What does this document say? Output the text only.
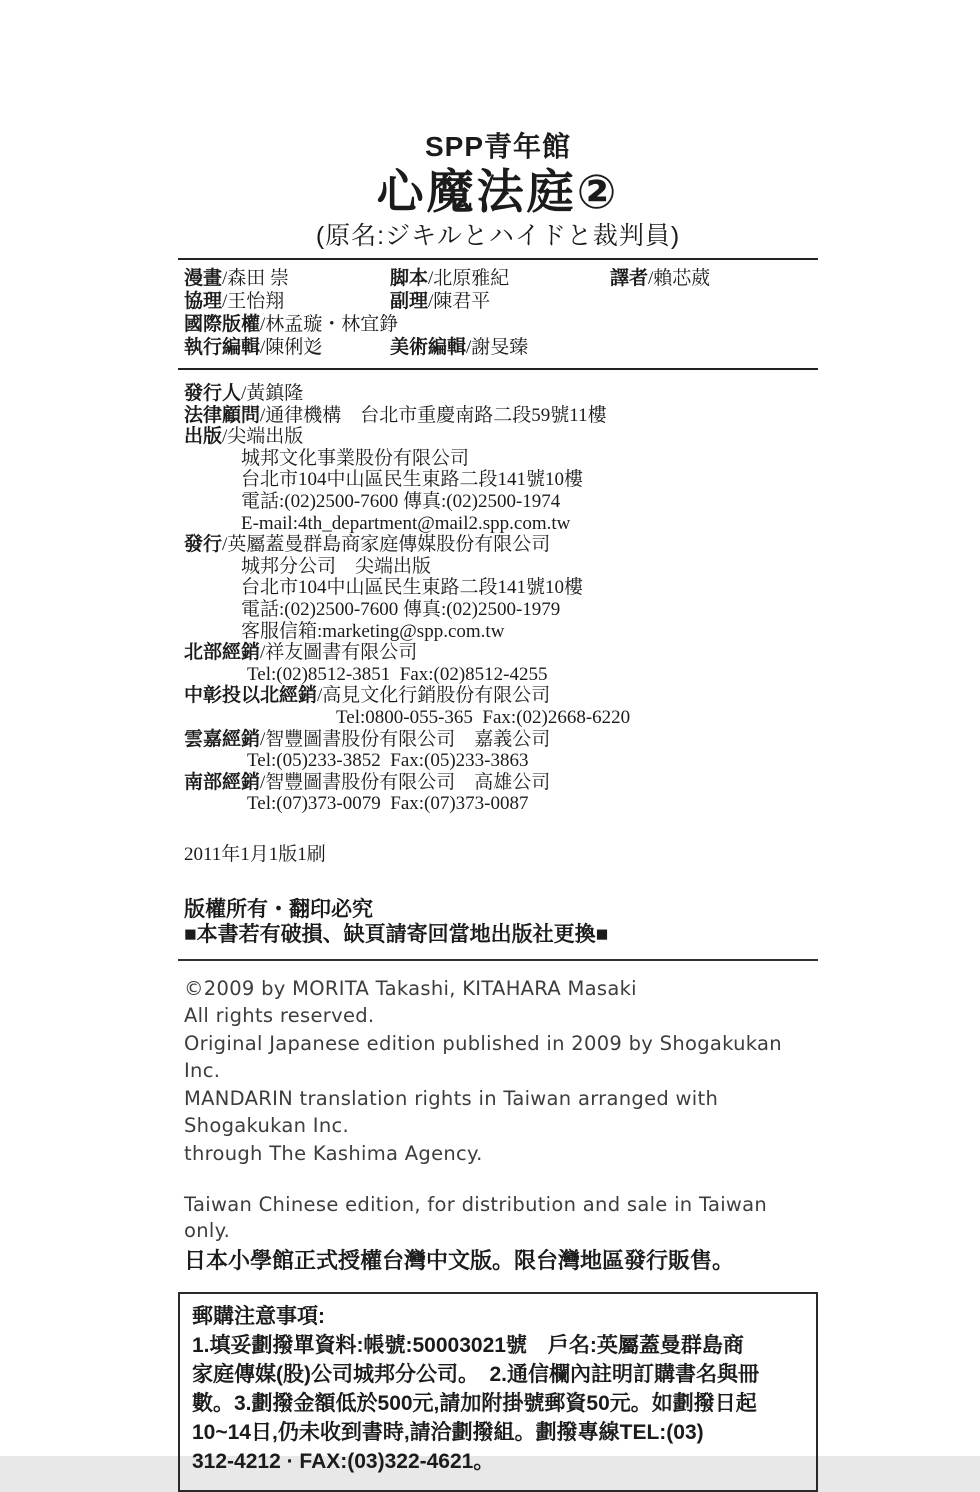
SPP青年館
心魔法庭②
(原名:ジキルとハイドと裁判員)
漫畫/森田 崇	脚本/北原雅紀	譯者/賴芯葳
協理/王怡翔	副理/陳君平
國際版權/林孟璇・林宜錚
執行編輯/陳俐彣	美術編輯/謝旻臻
發行人/黃鎮隆
法律顧問/通律機構　台北市重慶南路二段59號11樓
出版/尖端出版
城邦文化事業股份有限公司
台北市104中山區民生東路二段141號10樓
電話:(02)2500-7600 傳真:(02)2500-1974
E-mail:4th_department@mail2.spp.com.tw
發行/英屬蓋曼群島商家庭傳媒股份有限公司
城邦分公司　尖端出版
台北市104中山區民生東路二段141號10樓
電話:(02)2500-7600 傳真:(02)2500-1979
客服信箱:marketing@spp.com.tw
北部經銷/祥友圖書有限公司
Tel:(02)8512-3851  Fax:(02)8512-4255
中彰投以北經銷/高見文化行銷股份有限公司
Tel:0800-055-365  Fax:(02)2668-6220
雲嘉經銷/智豐圖書股份有限公司　嘉義公司
Tel:(05)233-3852  Fax:(05)233-3863
南部經銷/智豐圖書股份有限公司　高雄公司
Tel:(07)373-0079  Fax:(07)373-0087
2011年1月1版1刷
版權所有・翻印必究
■本書若有破損、缺頁請寄回當地出版社更換■
©2009 by MORITA Takashi, KITAHARA Masaki
All rights reserved.
Original Japanese edition published in 2009 by Shogakukan Inc.
MANDARIN translation rights in Taiwan arranged with Shogakukan Inc.
through The Kashima Agency.
Taiwan Chinese edition, for distribution and sale in Taiwan only.
日本小學館正式授權台灣中文版。限台灣地區發行販售。
郵購注意事項:
1.填妥劃撥單資料:帳號:50003021號　戶名:英屬蓋曼群島商
家庭傳媒(股)公司城邦分公司。　2.通信欄內註明訂購書名與冊
數。3.劃撥金額低於500元,請加附掛號郵資50元。如劃撥日起
10~14日,仍未收到書時,請洽劃撥組。劃撥專線TEL:(03)
312-4212 · FAX:(03)322-4621。
